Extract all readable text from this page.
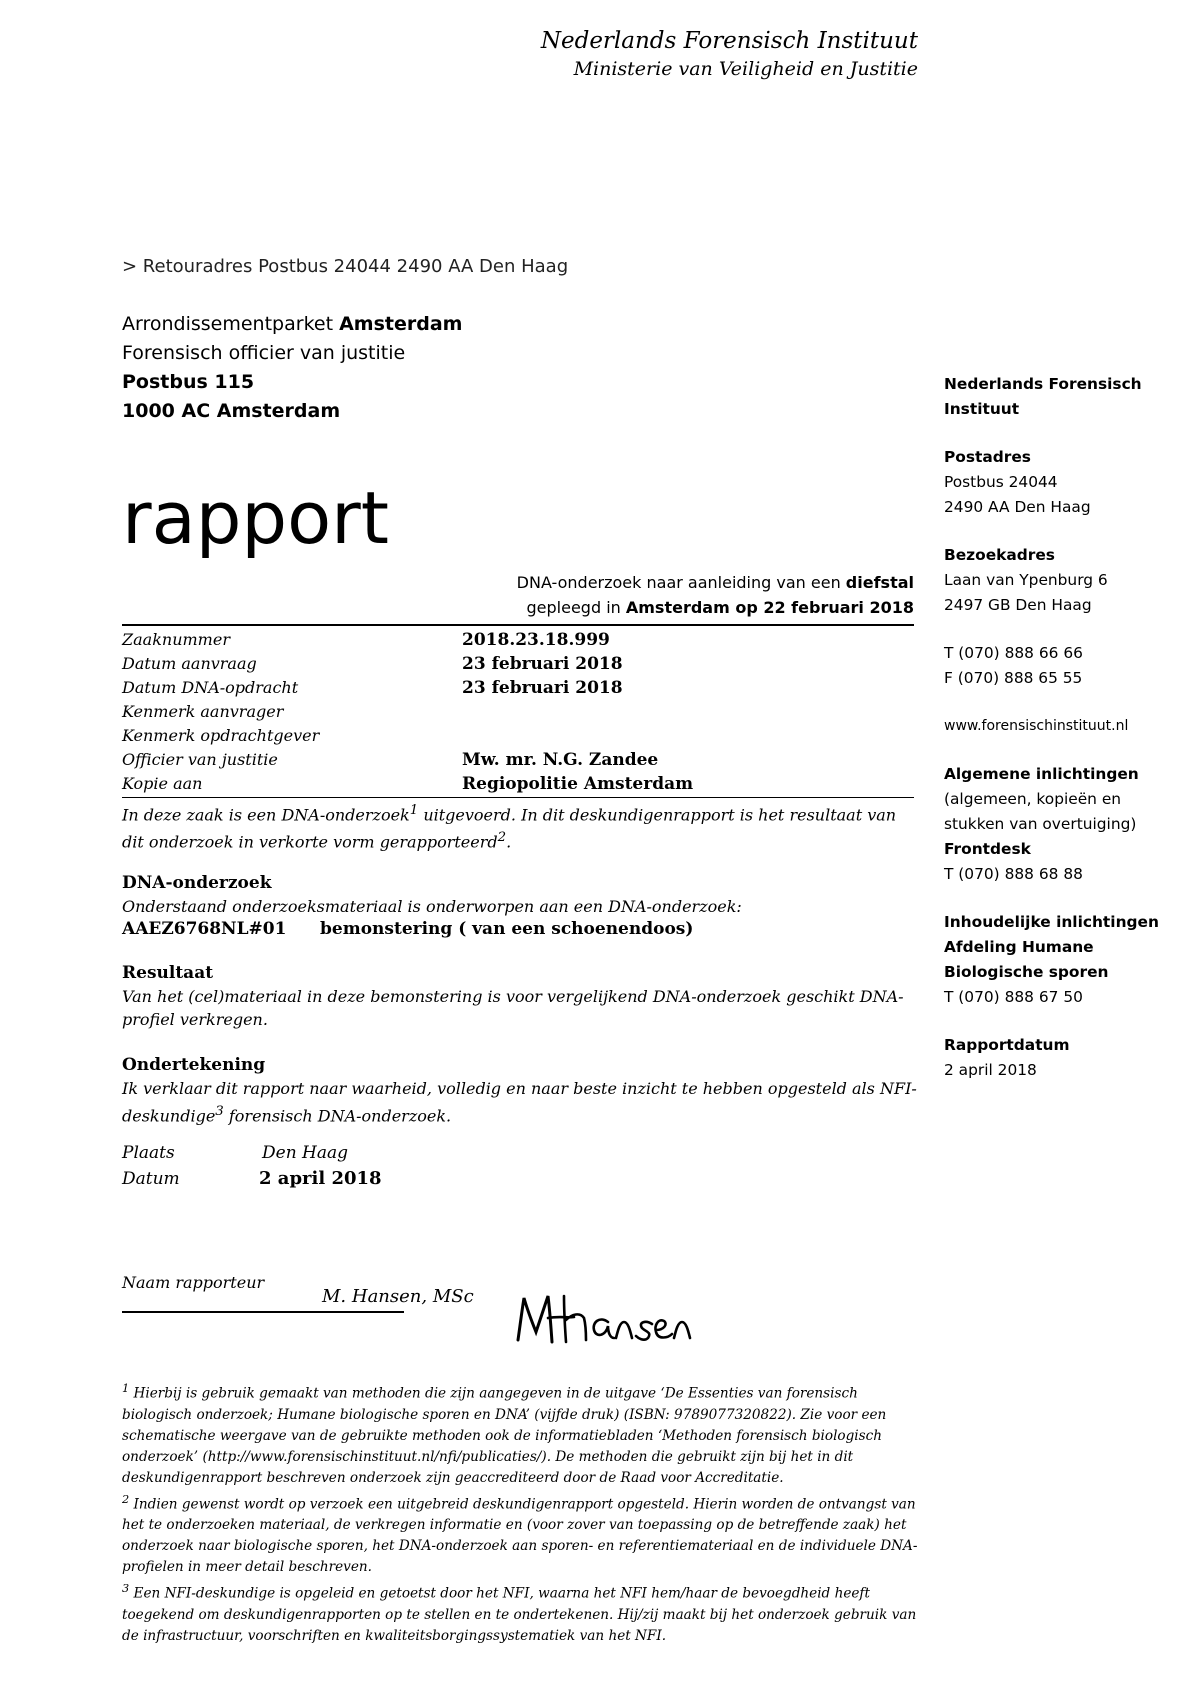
Nederlands Forensisch Instituut
Ministerie van Veiligheid en Justitie
> Retouradres Postbus 24044 2490 AA Den Haag
Arrondissementparket Amsterdam
Forensisch officier van justitie
Postbus 115
1000 AC Amsterdam
rapport
DNA-onderzoek naar aanleiding van een diefstal
gepleegd in Amsterdam op 22 februari 2018
Zaaknummer	2018.23.18.999
Datum aanvraag	23 februari 2018
Datum DNA-opdracht	23 februari 2018
Kenmerk aanvrager
Kenmerk opdrachtgever
Officier van justitie	Mw. mr. N.G. Zandee
Kopie aan	Regiopolitie Amsterdam
In deze zaak is een DNA-onderzoek$^1$ uitgevoerd. In dit deskundigenrapport is het resultaat van dit onderzoek in verkorte vorm gerapporteerd$^2$.
DNA-onderzoek
Onderstaand onderzoeksmateriaal is onderworpen aan een DNA-onderzoek:
AAEZ6768NL#01	bemonstering ( van een schoenendoos)
Resultaat
Van het (cel)materiaal in deze bemonstering is voor vergelijkend DNA-onderzoek geschikt DNA-profiel verkregen.
Ondertekening
Ik verklaar dit rapport naar waarheid, volledig en naar beste inzicht te hebben opgesteld als NFI-deskundige$^3$ forensisch DNA-onderzoek.
Plaats	Den Haag
Datum	2 april 2018
Naam rapporteur
M. Hansen, MSc

$^1$ Hierbij is gebruik gemaakt van methoden die zijn aangegeven in de uitgave ‘De Essenties van forensisch biologisch onderzoek; Humane biologische sporen en DNA’ (vijfde druk) (ISBN: 9789077320822). Zie voor een schematische weergave van de gebruikte methoden ook de informatiebladen ‘Methoden forensisch biologisch onderzoek’ (http://www.forensischinstituut.nl/nfi/publicaties/). De methoden die gebruikt zijn bij het in dit deskundigenrapport beschreven onderzoek zijn geaccrediteerd door de Raad voor Accreditatie.

$^2$ Indien gewenst wordt op verzoek een uitgebreid deskundigenrapport opgesteld. Hierin worden de ontvangst van het te onderzoeken materiaal, de verkregen informatie en (voor zover van toepassing op de betreffende zaak) het onderzoek naar biologische sporen, het DNA-onderzoek aan sporen- en referentiemateriaal en de individuele DNA-profielen in meer detail beschreven.

$^3$ Een NFI-deskundige is opgeleid en getoetst door het NFI, waarna het NFI hem/haar de bevoegdheid heeft toegekend om deskundigenrapporten op te stellen en te ondertekenen. Hij/zij maakt bij het onderzoek gebruik van de infrastructuur, voorschriften en kwaliteitsborgingssystematiek van het NFI.

Nederlands Forensisch
Instituut
Postadres
Postbus 24044
2490 AA Den Haag
Bezoekadres
Laan van Ypenburg 6
2497 GB Den Haag
T (070) 888 66 66
F (070) 888 65 55
www.forensischinstituut.nl
Algemene inlichtingen
(algemeen, kopieën en
stukken van overtuiging)
Frontdesk
T (070) 888 68 88
Inhoudelijke inlichtingen
Afdeling Humane
Biologische sporen
T (070) 888 67 50
Rapportdatum
2 april 2018
